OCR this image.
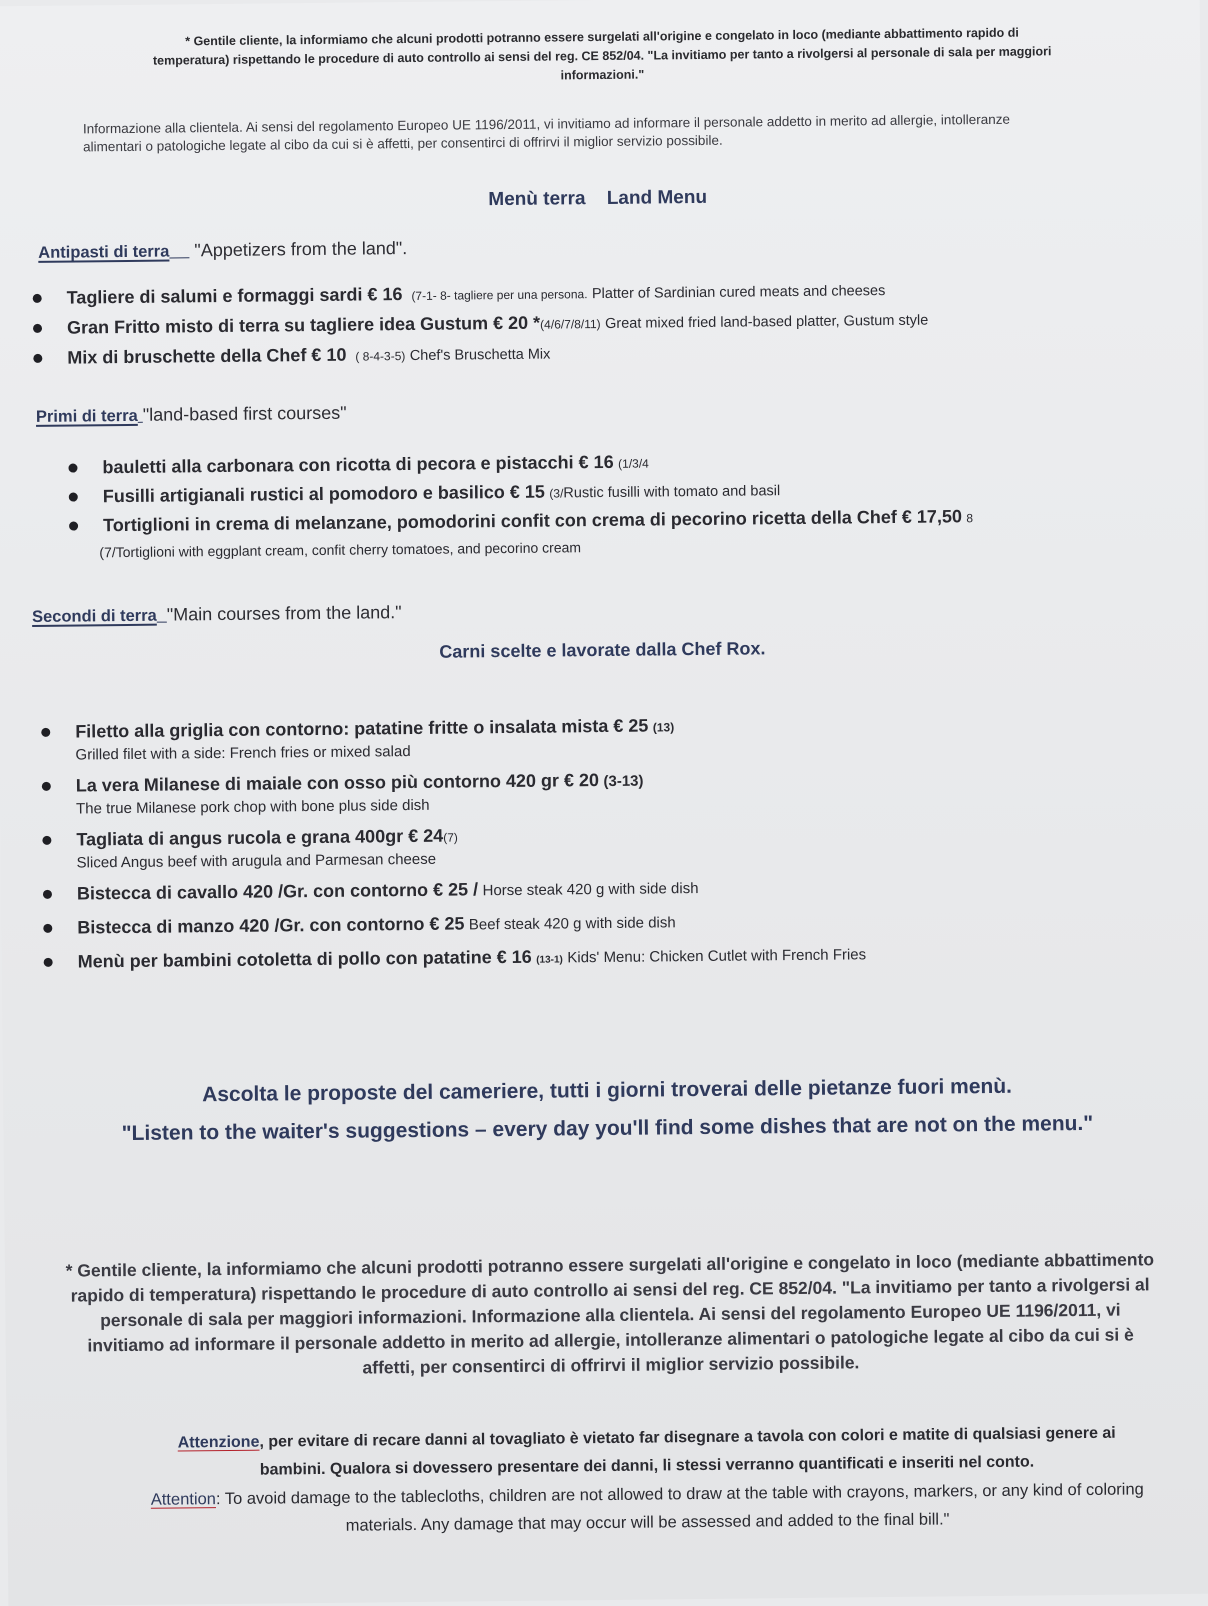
* Gentile cliente, la informiamo che alcuni prodotti potranno essere surgelati all'origine e congelato in loco (mediante abbattimento rapido di temperatura) rispettando le procedure di auto controllo ai sensi del reg. CE 852/04. "La invitiamo per tanto a rivolgersi al personale di sala per maggiori informazioni."
Informazione alla clientela. Ai sensi del regolamento Europeo UE 1196/2011, vi invitiamo ad informare il personale addetto in merito ad allergie, intolleranze alimentari o patologiche legate al cibo da cui si è affetti, per consentirci di offrirvi il miglior servizio possibile.
Menù terra Land Menu
Antipasti di terra "Appetizers from the land".
Tagliere di salumi e formaggi sardi € 16 (7-1- 8- tagliere per una persona. Platter of Sardinian cured meats and cheeses
Gran Fritto misto di terra su tagliere idea Gustum € 20 *(4/6/7/8/11) Great mixed fried land-based platter, Gustum style
Mix di bruschette della Chef € 10 ( 8-4-3-5) Chef's Bruschetta Mix
Primi di terra "land-based first courses"
bauletti alla carbonara con ricotta di pecora e pistacchi € 16 (1/3/4
Fusilli artigianali rustici al pomodoro e basilico € 15 (3/Rustic fusilli with tomato and basil
Tortiglioni in crema di melanzane, pomodorini confit con crema di pecorino ricetta della Chef € 17,50 8
(7/Tortiglioni with eggplant cream, confit cherry tomatoes, and pecorino cream
Secondi di terra "Main courses from the land."
Carni scelte e lavorate dalla Chef Rox.
Filetto alla griglia con contorno: patatine fritte o insalata mista € 25 (13)
Grilled filet with a side: French fries or mixed salad
La vera Milanese di maiale con osso più contorno 420 gr € 20 (3-13)
The true Milanese pork chop with bone plus side dish
Tagliata di angus rucola e grana 400gr € 24(7)
Sliced Angus beef with arugula and Parmesan cheese
Bistecca di cavallo 420 /Gr. con contorno € 25 / Horse steak 420 g with side dish
Bistecca di manzo 420 /Gr. con contorno € 25 Beef steak 420 g with side dish
Menù per bambini cotoletta di pollo con patatine € 16 (13-1) Kids' Menu: Chicken Cutlet with French Fries
Ascolta le proposte del cameriere, tutti i giorni troverai delle pietanze fuori menù.
"Listen to the waiter's suggestions – every day you'll find some dishes that are not on the menu."
* Gentile cliente, la informiamo che alcuni prodotti potranno essere surgelati all'origine e congelato in loco (mediante abbattimento rapido di temperatura) rispettando le procedure di auto controllo ai sensi del reg. CE 852/04. "La invitiamo per tanto a rivolgersi al personale di sala per maggiori informazioni. Informazione alla clientela. Ai sensi del regolamento Europeo UE 1196/2011, vi invitiamo ad informare il personale addetto in merito ad allergie, intolleranze alimentari o patologiche legate al cibo da cui si è affetti, per consentirci di offrirvi il miglior servizio possibile.
Attenzione, per evitare di recare danni al tovagliato è vietato far disegnare a tavola con colori e matite di qualsiasi genere ai bambini. Qualora si dovessero presentare dei danni, li stessi verranno quantificati e inseriti nel conto.
Attention: To avoid damage to the tablecloths, children are not allowed to draw at the table with crayons, markers, or any kind of coloring materials. Any damage that may occur will be assessed and added to the final bill."
